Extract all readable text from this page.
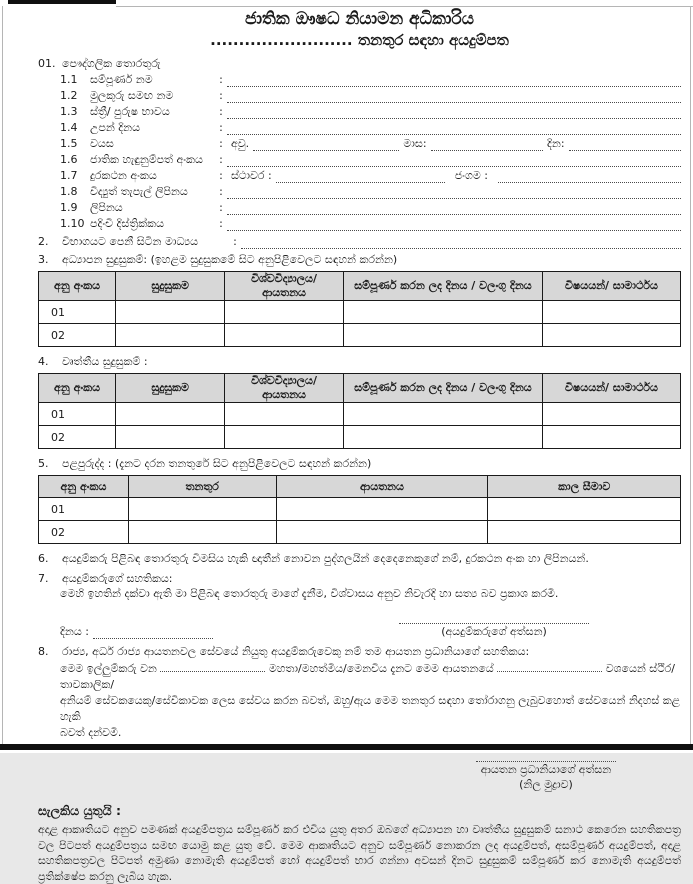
ජාතික ඖෂධ නියාමන අධිකාරිය
......................... තනතුර සඳහා අයදුම්පත
01. පෞද්ගලික තොරතුරු
1.1	සම්පූර්ණ නම	:
1.2	මුලකුරු සමඟ නම	:
1.3	ස්ත්‍රී/ පුරුෂ භාවය	:
1.4	උපන් දිනය	:
1.5	වයස	: අවු.	මාස:	දින:
1.6	ජාතික හැඳුනුම්පත් අංකය	:
1.7	දුරකථන අංකය	: ස්ථාවර :	ජංගම :
1.8	විද්‍යුත් තැපැල් ලිපිනය	:
1.9	ලිපිනය	:
1.10 පදිංචි දිස්ත්‍රික්කය	:
2.	විභාගයට පෙනී සිටින මාධ්‍යය	:
3.	අධ්‍යාපන සුදුසුකම්: (ඉහළම සුදුසුකමේ සිට අනුපිළිවෙලට සඳහන් කරන්න)
අනු අංකය	සුදුසුකම	විශ්වවිද්‍යාලය/ ආයතනය	සම්පූර්ණ කරන ලද දිනය / වලංගු දිනය	විෂයයන්/ සාමාර්ථය
01				
02				
4.	වෘත්තීය සුදුසුකම් :
අනු අංකය	සුදුසුකම	විශ්වවිද්‍යාලය/ ආයතනය	සම්පූර්ණ කරන ලද දිනය / වලංගු දිනය	විෂයයන්/ සාමාර්ථය
01				
02				
5.	පළපුරුද්ද : (දැනට දරන තනතුරේ සිට අනුපිළිවෙලට සඳහන් කරන්න)
අනු අංකය	තනතුර	ආයතනය	කාල සීමාව
01			
02			
6.	අයදුම්කරු පිළිබඳ තොරතුරු විමසිය හැකි ඥාතීන් නොවන පුද්ගලයින් දෙදෙනෙකුගේ නම්, දුරකථන අංක හා ලිපිනයන්.
7.	අයදුම්කරුගේ සහතිකය:
මෙහි ඉහතින් දක්වා ඇති මා පිළිබඳ තොරතුරු මාගේ දැනීම, විශ්වාසය අනුව නිවැරදි හා සත්‍ය බව ප්‍රකාශ කරමි.
දිනය :	(අයදුම්කරුගේ අත්සන)
8.	රාජ්‍ය, අර්ධ රාජ්‍ය ආයතනවල සේවයේ නියුතු අයදුම්කරුවෙකු නම් තම ආයතන ප්‍රධානියාගේ සහතිකය:
මෙම ඉල්ලුම්කරු වන	මහතා/මහත්මිය/මෙනවිය දැනට මෙම ආයතනයේ	වශයෙන් ස්ථිර/තාවකාලික/
අනියම් සේවකයෙකු/සේවිකාවක ලෙස සේවය කරන බවත්, ඔහු/ඇය මෙම තනතුර සඳහා තෝරාගනු ලැබුවහොත් සේවයෙන් නිදහස් කළ හැකි
බවත් දන්වමි.
ආයතන ප්‍රධානියාගේ අත්සන
(නිල මුද්‍රාව)
සැලකිය යුතුයි :
අදාළ ආකෘතියට අනුව පමණක් අයදුම්පත්‍රය සම්පූර්ණ කර එවිය යුතු අතර ඔබගේ අධ්‍යාපන හා වෘත්තීය සුදුසුකම් සනාථ කෙරෙන සහතිකපත්‍ර වල පිටපත් අයදුම්පත්‍රය සමඟ යොමු කළ යුතු වේ. මෙම ආකෘතියට අනුව සම්පූර්ණ නොකරන ලද අයදුම්පත්, අසම්පූර්ණ අයදුම්පත්, අදාළ සහතිකපත්‍රවල පිටපත් අමුණා නොමැති අයදුම්පත් හෝ අයදුම්පත් භාර ගන්නා අවසන් දිනට සුදුසුකම් සම්පූර්ණ කර නොමැති අයදුම්පත් ප්‍රතික්ෂේප කරනු ලැබිය හැක.
